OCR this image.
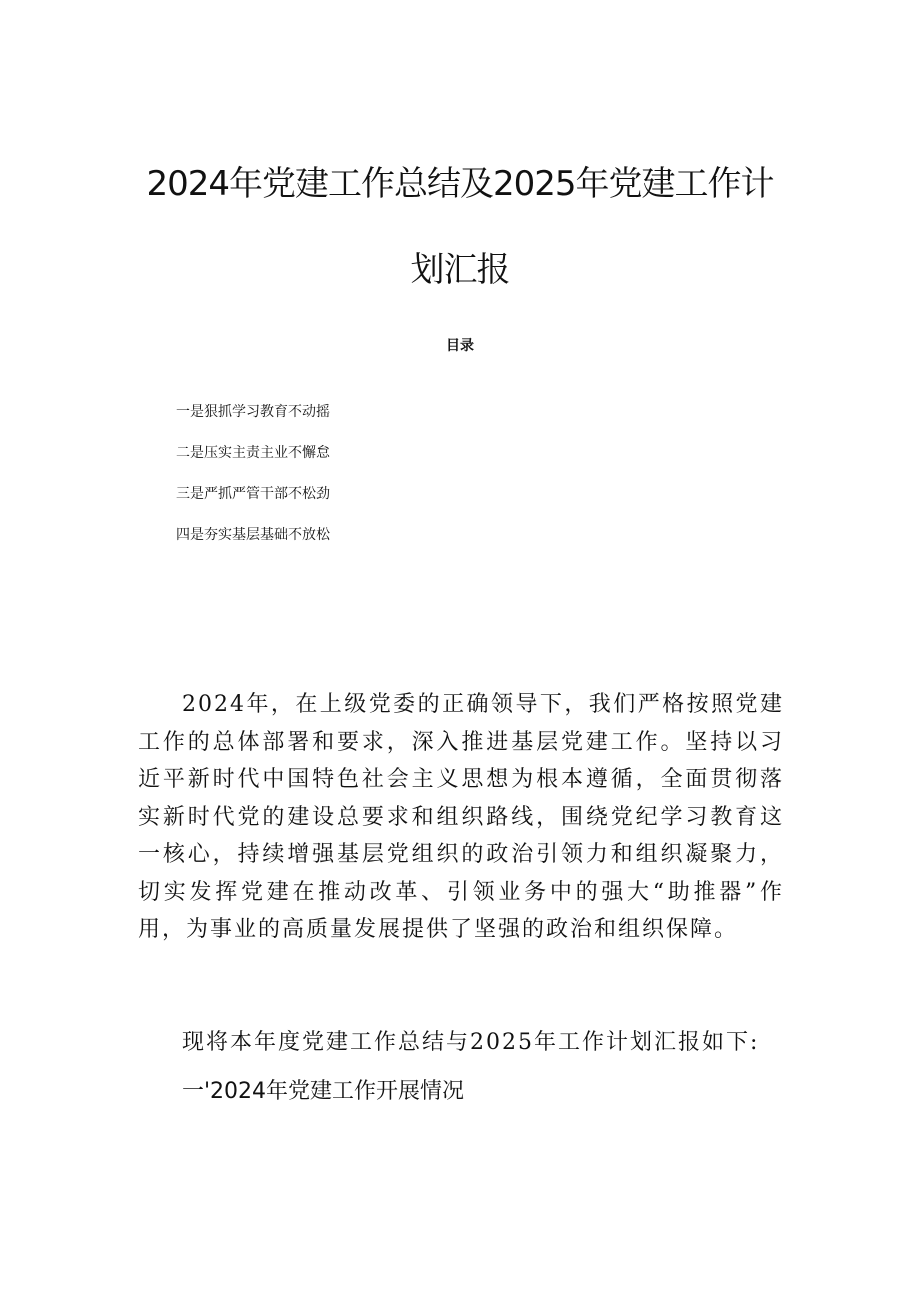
2024年党建工作总结及2025年党建工作计
划汇报
目录
一是狠抓学习教育不动摇
二是压实主责主业不懈怠
三是严抓严管干部不松劲
四是夯实基层基础不放松

2024年，在上级党委的正确领导下，我们严格按照党建工作的总体部署和要求，深入推进基层党建工作。坚持以习近平新时代中国特色社会主义思想为根本遵循，全面贯彻落实新时代党的建设总要求和组织路线，围绕党纪学习教育这一核心，持续增强基层党组织的政治引领力和组织凝聚力，切实发挥党建在推动改革、引领业务中的强大“助推器”作用，为事业的高质量发展提供了坚强的政治和组织保障。

现将本年度党建工作总结与2025年工作计划汇报如下:

一'2024年党建工作开展情况
